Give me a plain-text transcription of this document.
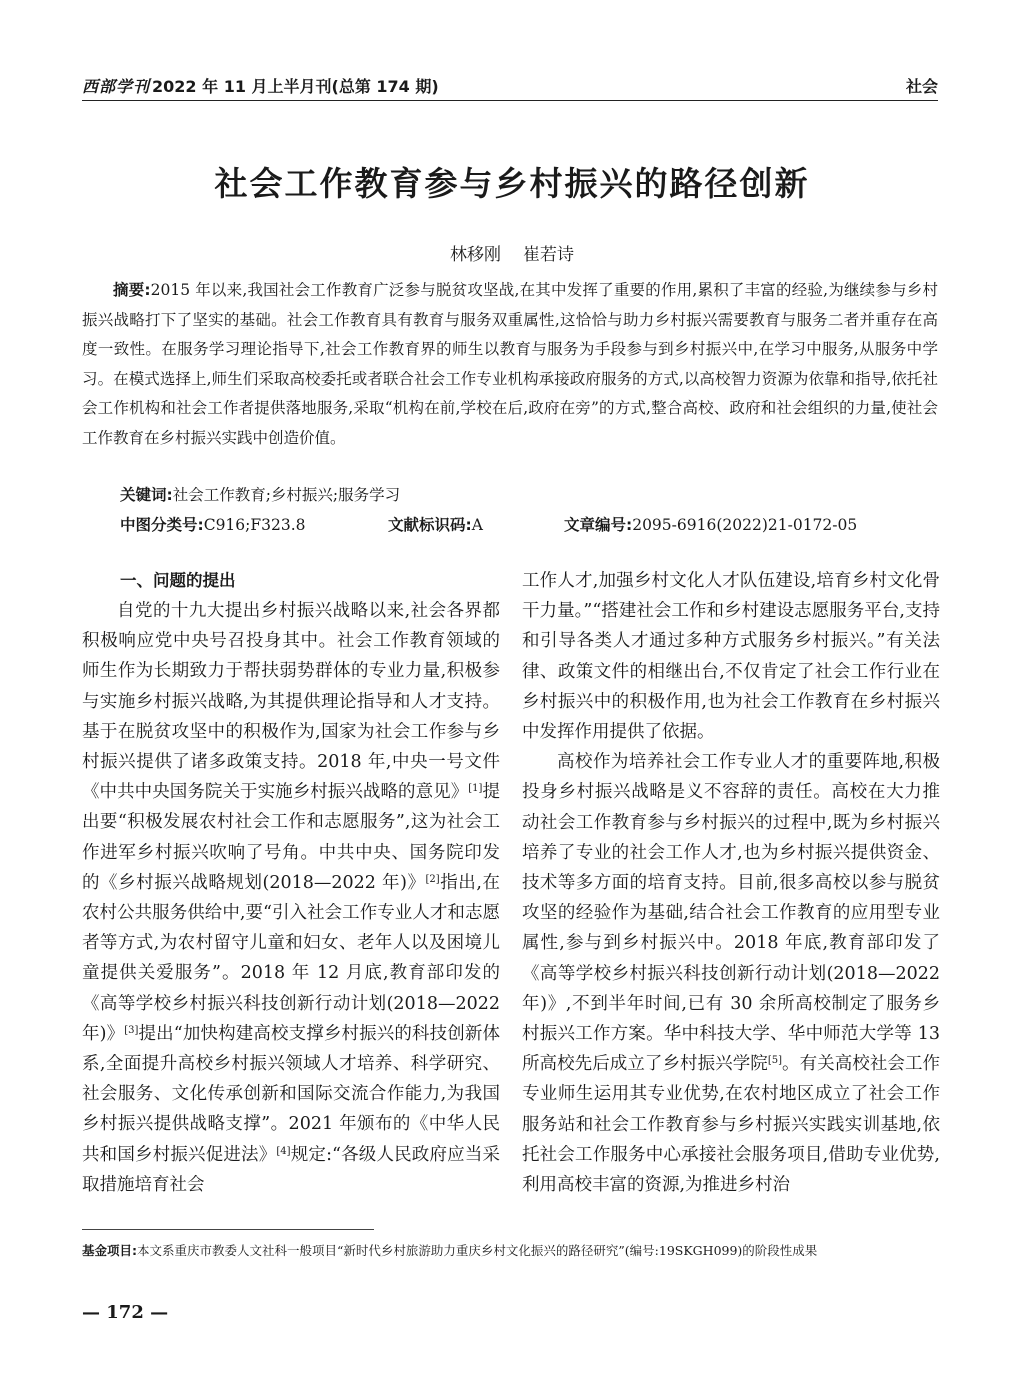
西部学刊 2022 年 11 月上半月刊(总第 174 期)	社会
社会工作教育参与乡村振兴的路径创新
林移刚 崔若诗
摘要:2015 年以来,我国社会工作教育广泛参与脱贫攻坚战,在其中发挥了重要的作用,累积了丰富的经验,为继续参与乡村振兴战略打下了坚实的基础。社会工作教育具有教育与服务双重属性,这恰恰与助力乡村振兴需要教育与服务二者并重存在高度一致性。在服务学习理论指导下,社会工作教育界的师生以教育与服务为手段参与到乡村振兴中,在学习中服务,从服务中学习。在模式选择上,师生们采取高校委托或者联合社会工作专业机构承接政府服务的方式,以高校智力资源为依靠和指导,依托社会工作机构和社会工作者提供落地服务,采取“机构在前,学校在后,政府在旁”的方式,整合高校、政府和社会组织的力量,使社会工作教育在乡村振兴实践中创造价值。
关键词:社会工作教育;乡村振兴;服务学习
中图分类号:C916;F323.8	文献标识码:A	文章编号:2095-6916(2022)21-0172-05
一、问题的提出

自党的十九大提出乡村振兴战略以来,社会各界都积极响应党中央号召投身其中。社会工作教育领域的师生作为长期致力于帮扶弱势群体的专业力量,积极参与实施乡村振兴战略,为其提供理论指导和人才支持。基于在脱贫攻坚中的积极作为,国家为社会工作参与乡村振兴提供了诸多政策支持。2018 年,中央一号文件《中共中央国务院关于实施乡村振兴战略的意见》[1]提出要“积极发展农村社会工作和志愿服务”,这为社会工作进军乡村振兴吹响了号角。中共中央、国务院印发的《乡村振兴战略规划(2018—2022 年)》[2]指出,在农村公共服务供给中,要“引入社会工作专业人才和志愿者等方式,为农村留守儿童和妇女、老年人以及困境儿童提供关爱服务”。2018 年 12 月底,教育部印发的《高等学校乡村振兴科技创新行动计划(2018—2022 年)》[3]提出“加快构建高校支撑乡村振兴的科技创新体系,全面提升高校乡村振兴领域人才培养、科学研究、社会服务、文化传承创新和国际交流合作能力,为我国乡村振兴提供战略支撑”。2021 年颁布的《中华人民共和国乡村振兴促进法》[4]规定:“各级人民政府应当采取措施培育社会

工作人才,加强乡村文化人才队伍建设,培育乡村文化骨干力量。”“搭建社会工作和乡村建设志愿服务平台,支持和引导各类人才通过多种方式服务乡村振兴。”有关法律、政策文件的相继出台,不仅肯定了社会工作行业在乡村振兴中的积极作用,也为社会工作教育在乡村振兴中发挥作用提供了依据。

高校作为培养社会工作专业人才的重要阵地,积极投身乡村振兴战略是义不容辞的责任。高校在大力推动社会工作教育参与乡村振兴的过程中,既为乡村振兴培养了专业的社会工作人才,也为乡村振兴提供资金、技术等多方面的培育支持。目前,很多高校以参与脱贫攻坚的经验作为基础,结合社会工作教育的应用型专业属性,参与到乡村振兴中。2018 年底,教育部印发了《高等学校乡村振兴科技创新行动计划(2018—2022 年)》,不到半年时间,已有 30 余所高校制定了服务乡村振兴工作方案。华中科技大学、华中师范大学等 13 所高校先后成立了乡村振兴学院[5]。有关高校社会工作专业师生运用其专业优势,在农村地区成立了社会工作服务站和社会工作教育参与乡村振兴实践实训基地,依托社会工作服务中心承接社会服务项目,借助专业优势,利用高校丰富的资源,为推进乡村治

基金项目:本文系重庆市教委人文社科一般项目“新时代乡村旅游助力重庆乡村文化振兴的路径研究”(编号:19SKGH099)的阶段性成果
— 172 —
